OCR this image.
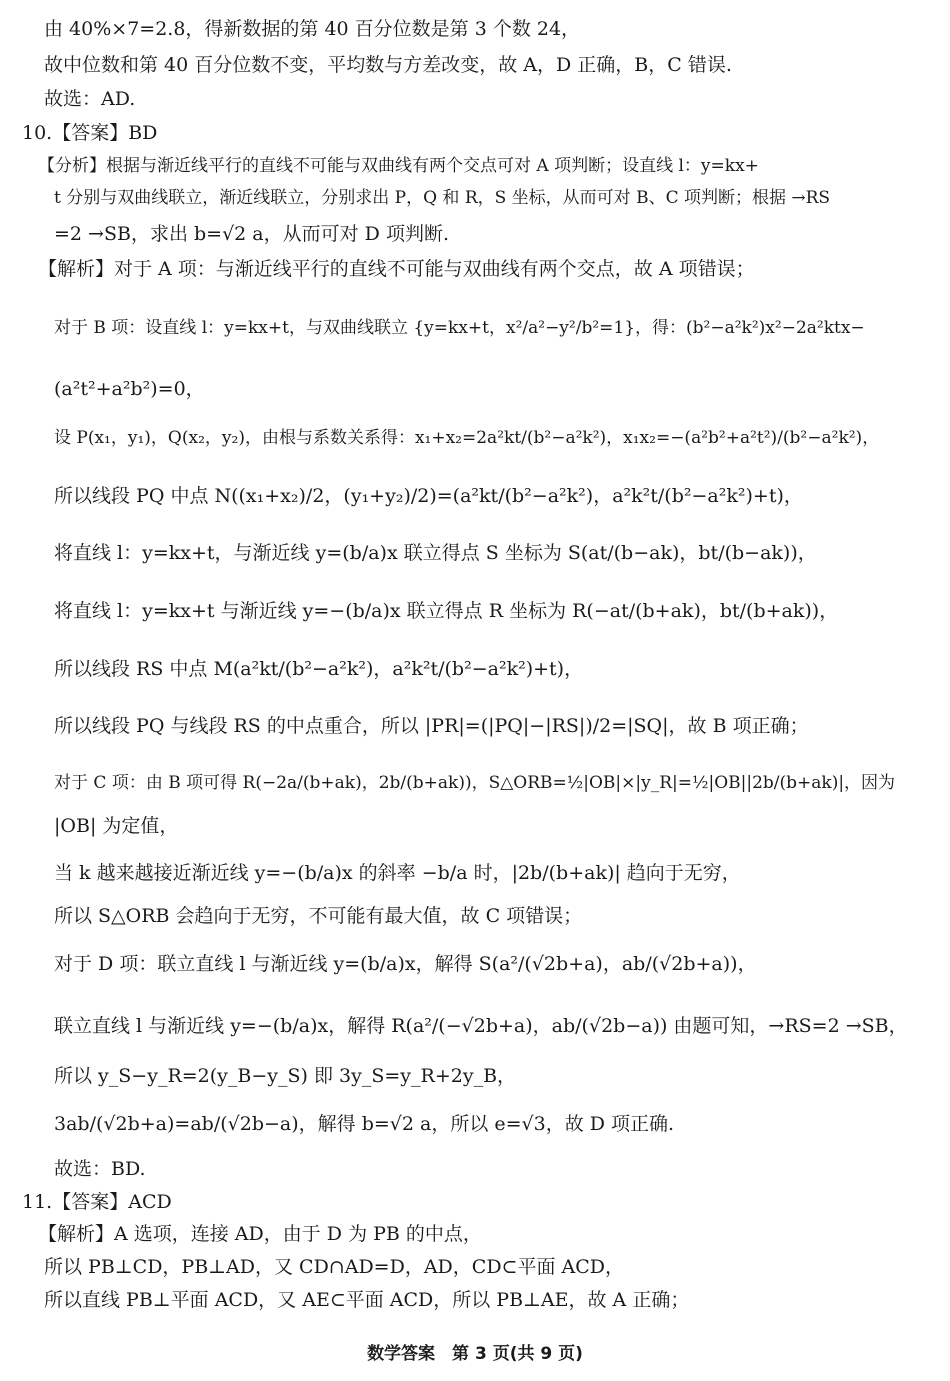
由 40%×7=2.8，得新数据的第 40 百分位数是第 3 个数 24，
故中位数和第 40 百分位数不变，平均数与方差改变，故 A，D 正确，B，C 错误.
故选：AD.
10.【答案】BD
【分析】根据与渐近线平行的直线不可能与双曲线有两个交点可对 A 项判断；设直线 l：y=kx+
t 分别与双曲线联立，渐近线联立，分别求出 P，Q 和 R，S 坐标，从而可对 B、C 项判断；根据 →RS
=2 →SB，求出 b=√2 a，从而可对 D 项判断.
【解析】对于 A 项：与渐近线平行的直线不可能与双曲线有两个交点，故 A 项错误；
对于 B 项：设直线 l：y=kx+t，与双曲线联立 {y=kx+t，x²/a²−y²/b²=1}，得：(b²−a²k²)x²−2a²ktx−
(a²t²+a²b²)=0，
设 P(x₁，y₁)，Q(x₂，y₂)，由根与系数关系得：x₁+x₂=2a²kt/(b²−a²k²)，x₁x₂=−(a²b²+a²t²)/(b²−a²k²)，
所以线段 PQ 中点 N((x₁+x₂)/2，(y₁+y₂)/2)=(a²kt/(b²−a²k²)，a²k²t/(b²−a²k²)+t)，
将直线 l：y=kx+t，与渐近线 y=(b/a)x 联立得点 S 坐标为 S(at/(b−ak)，bt/(b−ak))，
将直线 l：y=kx+t 与渐近线 y=−(b/a)x 联立得点 R 坐标为 R(−at/(b+ak)，bt/(b+ak))，
所以线段 RS 中点 M(a²kt/(b²−a²k²)，a²k²t/(b²−a²k²)+t)，
所以线段 PQ 与线段 RS 的中点重合，所以 |PR|=(|PQ|−|RS|)/2=|SQ|，故 B 项正确；
对于 C 项：由 B 项可得 R(−2a/(b+ak)，2b/(b+ak))，S△ORB=½|OB|×|y_R|=½|OB||2b/(b+ak)|，因为
|OB| 为定值，
当 k 越来越接近渐近线 y=−(b/a)x 的斜率 −b/a 时，|2b/(b+ak)| 趋向于无穷，
所以 S△ORB 会趋向于无穷，不可能有最大值，故 C 项错误；
对于 D 项：联立直线 l 与渐近线 y=(b/a)x，解得 S(a²/(√2b+a)，ab/(√2b+a))，
联立直线 l 与渐近线 y=−(b/a)x，解得 R(a²/(−√2b+a)，ab/(√2b−a)) 由题可知，→RS=2 →SB，
所以 y_S−y_R=2(y_B−y_S) 即 3y_S=y_R+2y_B，
3ab/(√2b+a)=ab/(√2b−a)，解得 b=√2 a，所以 e=√3，故 D 项正确.
故选：BD.
11.【答案】ACD
【解析】A 选项，连接 AD，由于 D 为 PB 的中点，
所以 PB⊥CD，PB⊥AD，又 CD∩AD=D，AD，CD⊂平面 ACD，
所以直线 PB⊥平面 ACD，又 AE⊂平面 ACD，所以 PB⊥AE，故 A 正确；
数学答案　第 3 页(共 9 页)
